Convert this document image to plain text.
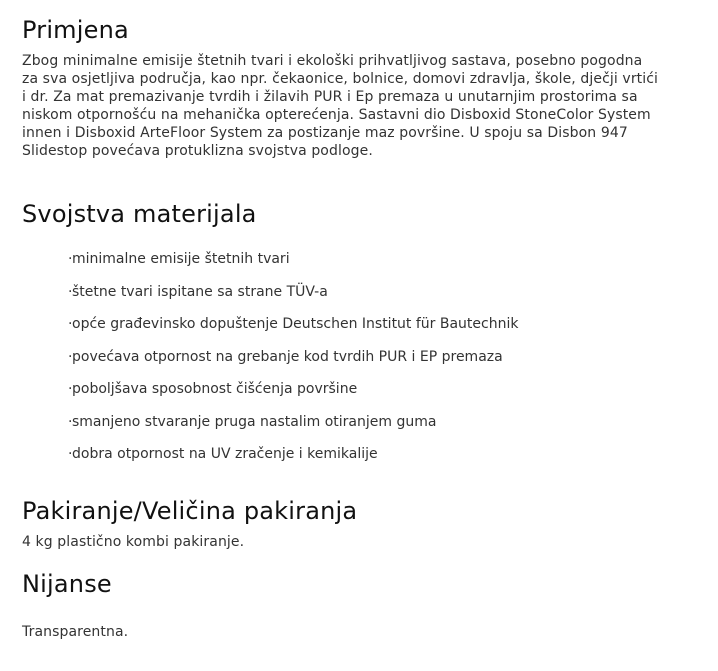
Primjena

Zbog minimalne emisije štetnih tvari i ekološki prihvatljivog sastava, posebno pogodna za sva osjetljiva područja, kao npr. čekaonice, bolnice, domovi zdravlja, škole, dječji vrtići i dr. Za mat premazivanje tvrdih i žilavih PUR i Ep premaza u unutarnjim prostorima sa niskom otpornošću na mehanička opterećenja. Sastavni dio Disboxid StoneColor System innen i Disboxid ArteFloor System za postizanje maz površine. U spoju sa Disbon 947 Slidestop povećava protuklizna svojstva podloge.

Svojstva materijala
·minimalne emisije štetnih tvari
·štetne tvari ispitane sa strane TÜV-a
·opće građevinsko dopuštenje Deutschen Institut für Bautechnik
·povećava otpornost na grebanje kod tvrdih PUR i EP premaza
·poboljšava sposobnost čišćenja površine
·smanjeno stvaranje pruga nastalim otiranjem guma
·dobra otpornost na UV zračenje i kemikalije
Pakiranje/Veličina pakiranja

4 kg plastično kombi pakiranje.

Nijanse

Transparentna.
